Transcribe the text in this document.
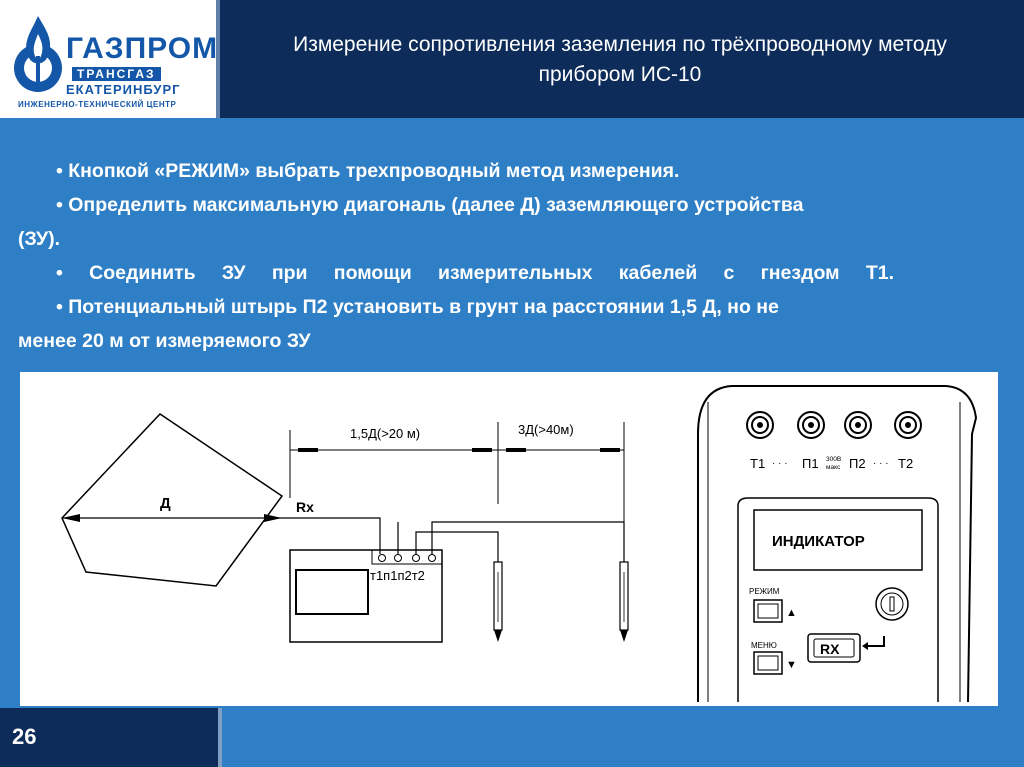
ГАЗПРОМ
ТРАНСГАЗ
ЕКАТЕРИНБУРГ
ИНЖЕНЕРНО-ТЕХНИЧЕСКИЙ ЦЕНТР
Измерение сопротивления заземления по трёхпроводному методу
прибором ИС-10

• Кнопкой «РЕЖИМ» выбрать трехпроводный метод измерения.

• Определить максимальную диагональ (далее Д) заземляющего устройства

(ЗУ).

• Соединить ЗУ при помощи измерительных кабелей с гнездом Т1.

• Потенциальный штырь П2 установить в грунт на расстоянии 1,5 Д, но не

менее 20 м от измеряемого ЗУ

Д	Rx
1,5Д(>20 м)	3Д(>40м)
т1п1п2т2
Т1 · · · П1 300В
макс П2 · · · Т2
ИНДИКАТОР
РЕЖИМ
▲
МЕНЮ
▼
RX
26
